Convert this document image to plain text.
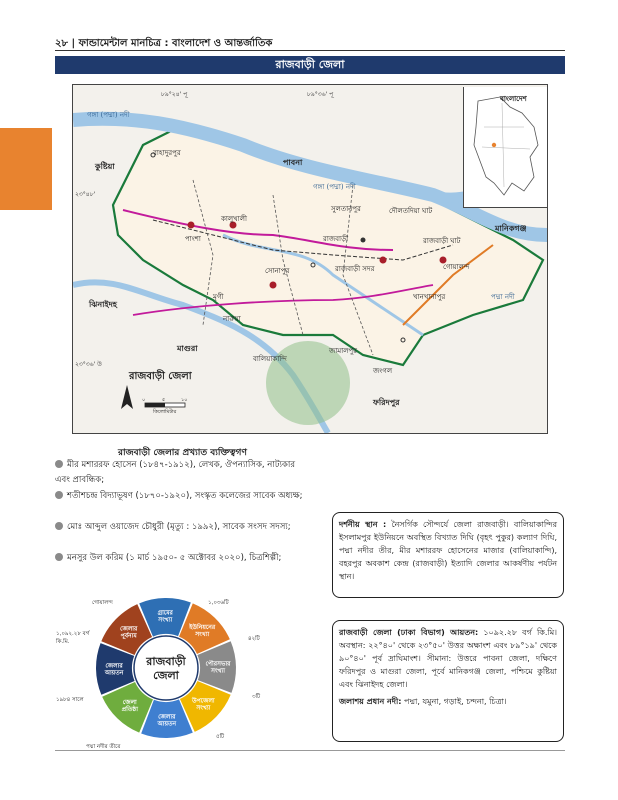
২৮ | ফান্ডামেন্টাল মানচিত্র : বাংলাদেশ ও আন্তর্জাতিক
রাজবাড়ী জেলা
৮৯°২৪' পূ	৮৯°৩৬' পূ
২৩°৪৮'
২৩°৩৬' উ
কুষ্টিয়া	পাবনা
মানিকগঞ্জ
ঝিনাইদহ
মাগুরা
ফরিদপুর
গঙ্গা (পদ্মা) নদী
গঙ্গা (পদ্মা) নদী
পদ্মা নদী
বাহাদুরপুর
কালুখালী
পাংশা
বালিয়াকান্দি
রাজবাড়ী
রাজবাড়ী সদর	গোয়ালন্দ
সোনাপুর
খানখানাপুর
জামালপুর
নারুয়া
দৌলতদিয়া ঘাট
রাজবাড়ী ঘাট
সুলতানপুর
জংগল
মৃগী
বাংলাদেশ
রাজবাড়ী জেলা
০	৫	১০
কিলোমিটার
রাজবাড়ী জেলার প্রখ্যাত ব্যক্তিত্বগণ
মীর মশাররফ হোসেন (১৮৪৭-১৯১২), লেখক, ঔপন্যাসিক, নাট্যকার এবং প্রাবন্ধিক;
শতীশচন্দ্র বিদ্যাভূষণ (১৮৭০-১৯২০), সংস্কৃত কলেজের সাবেক অধ্যক্ষ;
মোঃ আব্দুল ওয়াজেদ চৌধুরী (মৃত্যু : ১৯৯২), সাবেক সংসদ সদস্য;
মনসুর উল করিম (১ মার্চ ১৯৫০- ৫ অক্টোবর ২০২০), চিত্রশিল্পী;
দর্শনীয় স্থান : নৈসর্গিক সৌন্দর্যে জেলা রাজবাড়ী। বালিয়াকান্দির ইসলামপুর ইউনিয়নে অবস্থিত বিখ্যাত দিঘি (বৃহৎ পুকুর) কল্যাণ দিঘি, পদ্মা নদীর তীর, মীর মশাররফ হোসেনের মাজার (বালিয়াকান্দি), বহরপুর অবকাশ কেন্দ্র (রাজবাড়ী) ইত্যাদি জেলার আকর্ষণীয় পর্যটন স্থান।
রাজবাড়ী জেলা (ঢাকা বিভাগ) আয়তন: ১০৯২.২৮ বর্গ কি.মি। অবস্থান: ২২°৪০' থেকে ২৩°৫০' উত্তর অক্ষাংশ এবং ৮৯°১৯' থেকে ৯০°৪০' পূর্ব দ্রাঘিমাংশ। সীমানা: উত্তরে পাবনা জেলা, দক্ষিণে ফরিদপুর ও মাগুরা জেলা, পূর্বে মানিকগঞ্জ জেলা, পশ্চিমে কুষ্টিয়া এবং ঝিনাইদহ জেলা।
জলাশয় প্রধান নদী: পদ্মা, যমুনা, গড়াই, চন্দনা, চিত্রা।
গ্রামের
সংখ্যা
ইউনিয়নের
সংখ্যা
পৌরসভার
সংখ্যা
উপজেলা
সংখ্যা
জেলার
আয়তন
জেলা
প্রতিষ্ঠা
জেলার
আয়তন
জেলার
পূর্বনাম
রাজবাড়ী
জেলা
গোয়ালন্দ	১,০৩৬টি
৪২টি
৩টি
৫টি
পদ্মা নদীর তীরে
১৯৮৪ সালে
১,০৯২.২৮ বর্গ কি.মি.
